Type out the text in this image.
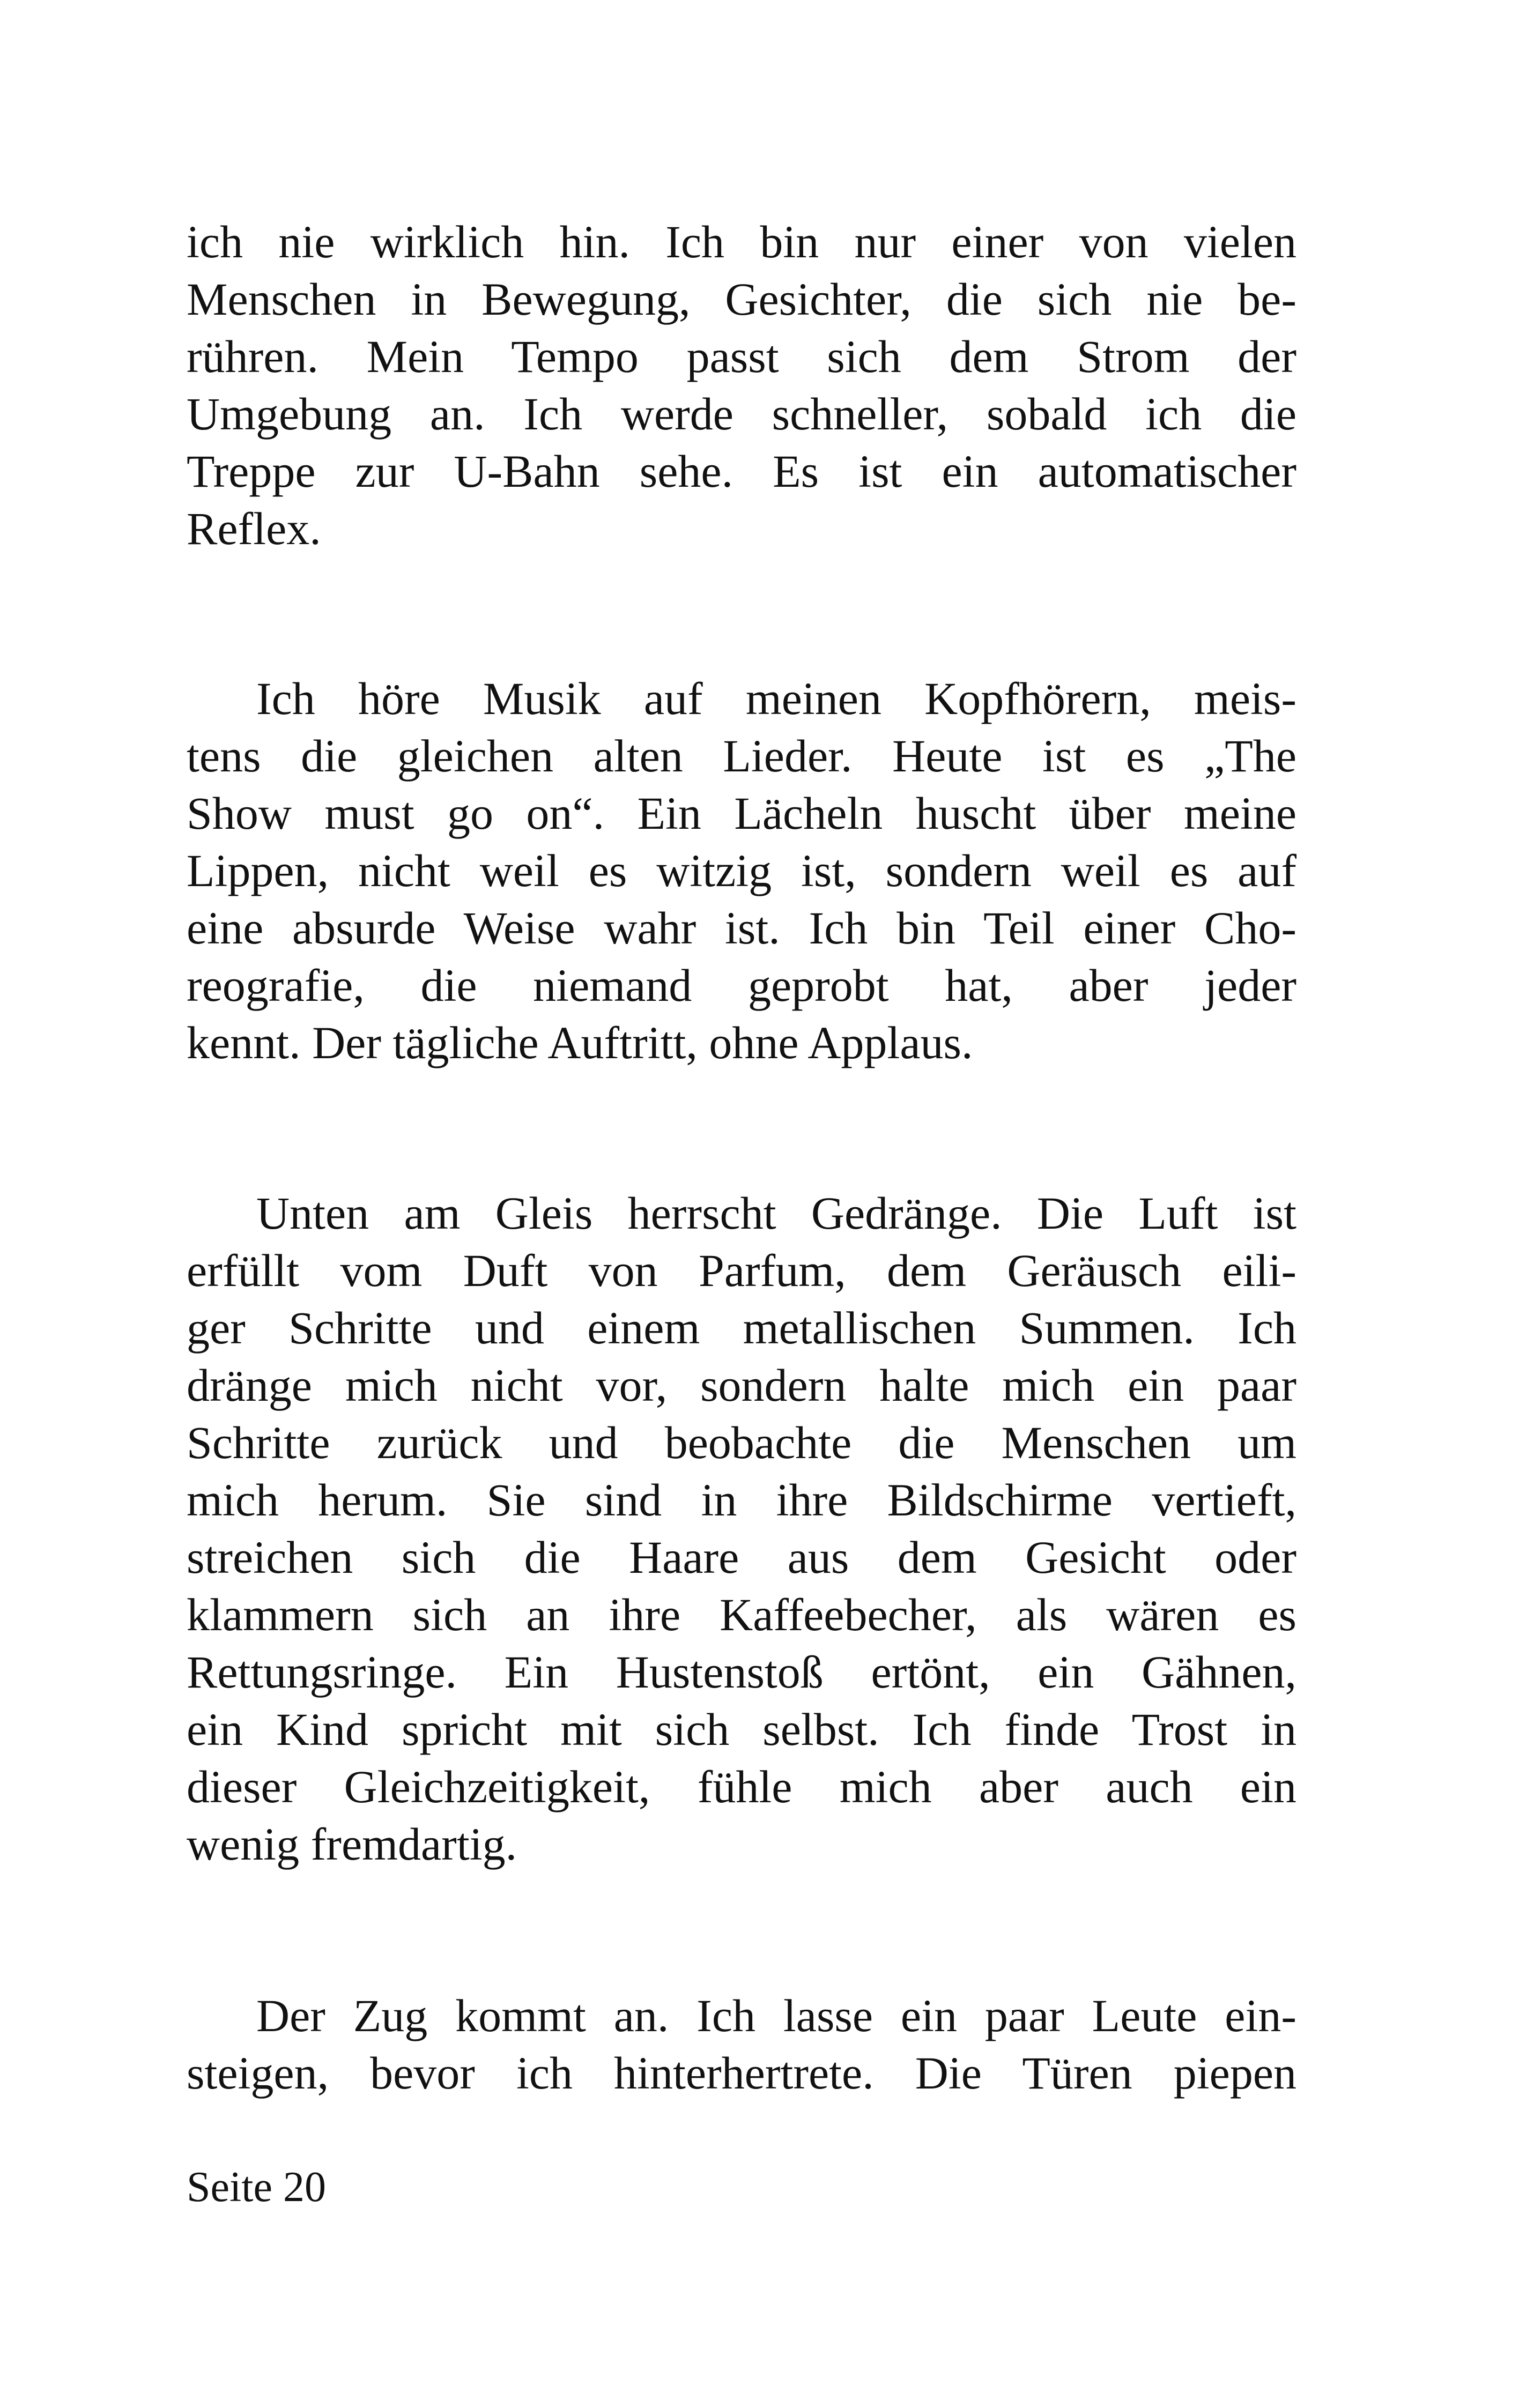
ich nie wirklich hin. Ich bin nur einer von vielen
Menschen in Bewegung, Gesichter, die sich nie be-
rühren. Mein Tempo passt sich dem Strom der
Umgebung an. Ich werde schneller, sobald ich die
Treppe zur U-Bahn sehe. Es ist ein automatischer
Reflex.
Ich höre Musik auf meinen Kopfhörern, meis-
tens die gleichen alten Lieder. Heute ist es „The
Show must go on“. Ein Lächeln huscht über meine
Lippen, nicht weil es witzig ist, sondern weil es auf
eine absurde Weise wahr ist. Ich bin Teil einer Cho-
reografie, die niemand geprobt hat, aber jeder
kennt. Der tägliche Auftritt, ohne Applaus.
Unten am Gleis herrscht Gedränge. Die Luft ist
erfüllt vom Duft von Parfum, dem Geräusch eili-
ger Schritte und einem metallischen Summen. Ich
dränge mich nicht vor, sondern halte mich ein paar
Schritte zurück und beobachte die Menschen um
mich herum. Sie sind in ihre Bildschirme vertieft,
streichen sich die Haare aus dem Gesicht oder
klammern sich an ihre Kaffeebecher, als wären es
Rettungsringe. Ein Hustenstoß ertönt, ein Gähnen,
ein Kind spricht mit sich selbst. Ich finde Trost in
dieser Gleichzeitigkeit, fühle mich aber auch ein
wenig fremdartig.
Der Zug kommt an. Ich lasse ein paar Leute ein-
steigen, bevor ich hinterhertrete. Die Türen piepen
Seite 20
